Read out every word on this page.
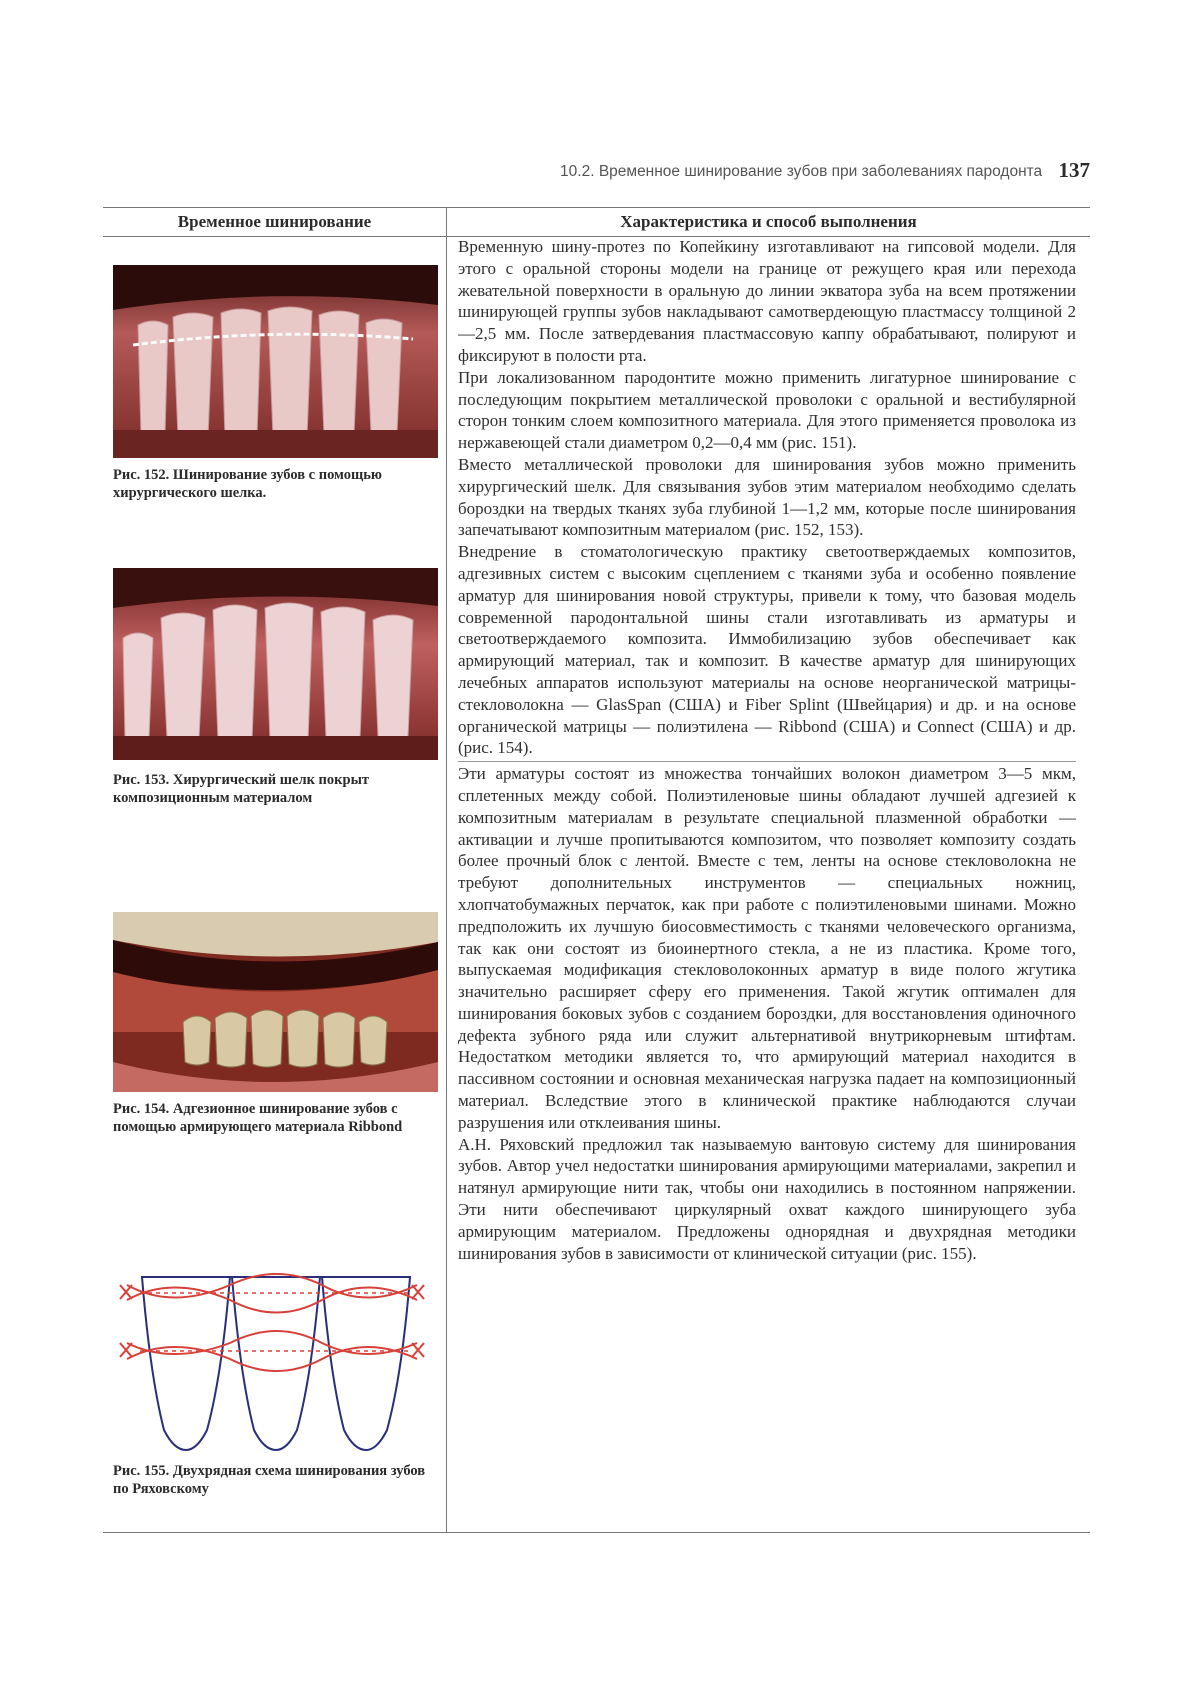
10.2. Временное шинирование зубов при заболеваниях пародонта 137
Временное шинирование	Характеристика и способ выполнения
Рис. 152. Шинирование зубов с помощью хирургического шелка.
Рис. 153. Хирургический шелк покрыт композиционным материалом
Рис. 154. Адгезионное шинирование зубов с помощью армирующего материала Ribbond
Рис. 155. Двухрядная схема шинирования зубов по Ряховскому

Временную шину-протез по Копейкину изготавливают на гипсовой модели. Для этого с оральной стороны модели на границе от режущего края или перехода жевательной поверхности в оральную до линии экватора зуба на всем протяжении шинирующей группы зубов накладывают самотвердеющую пластмассу толщиной 2—2,5 мм. После затвердевания пластмассовую каппу обрабатывают, полируют и фиксируют в полости рта.

При локализованном пародонтите можно применить лигатурное шинирование с последующим покрытием металлической проволоки с оральной и вестибулярной сторон тонким слоем композитного материала. Для этого применяется проволока из нержавеющей стали диаметром 0,2—0,4 мм (рис. 151).

Вместо металлической проволоки для шинирования зубов можно применить хирургический шелк. Для связывания зубов этим материалом необходимо сделать бороздки на твердых тканях зуба глубиной 1—1,2 мм, которые после шинирования запечатывают композитным материалом (рис. 152, 153).

Внедрение в стоматологическую практику светоотверждаемых композитов, адгезивных систем с высоким сцеплением с тканями зуба и особенно появление арматур для шинирования новой структуры, привели к тому, что базовая модель современной пародонтальной шины стали изготавливать из арматуры и светоотверждаемого композита. Иммобилизацию зубов обеспечивает как армирующий материал, так и композит. В качестве арматур для шинирующих лечебных аппаратов используют материалы на основе неорганической матрицы-стекловолокна — GlasSpan (США) и Fiber Splint (Швейцария) и др. и на основе органической матрицы — полиэтилена — Ribbond (США) и Connect (США) и др. (рис. 154).

Эти арматуры состоят из множества тончайших волокон диаметром 3—5 мкм, сплетенных между собой. Полиэтиленовые шины обладают лучшей адгезией к композитным материалам в результате специальной плазменной обработки — активации и лучше пропитываются композитом, что позволяет композиту создать более прочный блок с лентой. Вместе с тем, ленты на основе стекловолокна не требуют дополнительных инструментов — специальных ножниц, хлопчатобумажных перчаток, как при работе с полиэтиленовыми шинами. Можно предположить их лучшую биосовместимость с тканями человеческого организма, так как они состоят из биоинертного стекла, а не из пластика. Кроме того, выпускаемая модификация стекловолоконных арматур в виде полого жгутика значительно расширяет сферу его применения. Такой жгутик оптимален для шинирования боковых зубов с созданием бороздки, для восстановления одиночного дефекта зубного ряда или служит альтернативой внутрикорневым штифтам. Недостатком методики является то, что армирующий материал находится в пассивном состоянии и основная механическая нагрузка падает на композиционный материал. Вследствие этого в клинической практике наблюдаются случаи разрушения или отклеивания шины.

А.Н. Ряховский предложил так называемую вантовую систему для шинирования зубов. Автор учел недостатки шинирования армирующими материалами, закрепил и натянул армирующие нити так, чтобы они находились в постоянном напряжении. Эти нити обеспечивают циркулярный охват каждого шинирующего зуба армирующим материалом. Предложены однорядная и двухрядная методики шинирования зубов в зависимости от клинической ситуации (рис. 155).
